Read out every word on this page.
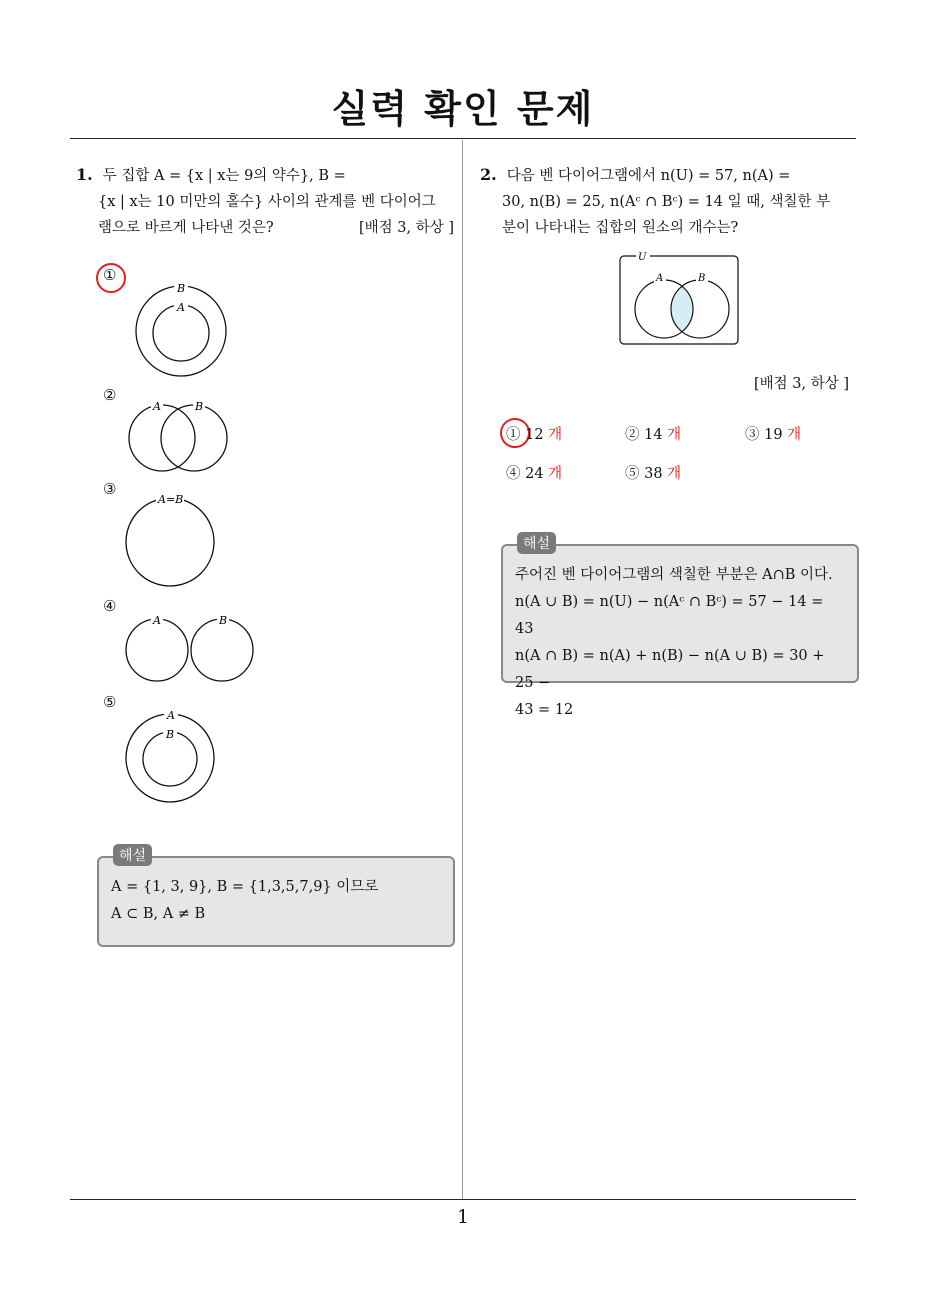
실력 확인 문제
1
1. 두 집합 A = {x | x는 9의 약수}, B =
{x | x는 10 미만의 홀수} 사이의 관계를 벤 다이어그
램으로 바르게 나타낸 것은?	[배점 3, 하상 ]
①
②
③
④
⑤
B
A
A	B
A=B
A	B
A
B
해설
A = {1, 3, 9}, B = {1,3,5,7,9} 이므로
A ⊂ B, A ≠ B
2. 다음 벤 다이어그램에서 n(U) = 57, n(A) =
30, n(B) = 25, n(Aᶜ ∩ Bᶜ) = 14 일 때, 색칠한 부
분이 나타내는 집합의 원소의 개수는?
U
A	B
[배점 3, 하상 ]
① 12 개	② 14 개	③ 19 개
④ 24 개	⑤ 38 개
해설
주어진 벤 다이어그램의 색칠한 부분은 A∩B 이다.
n(A ∪ B) = n(U) − n(Aᶜ ∩ Bᶜ) = 57 − 14 = 43
n(A ∩ B) = n(A) + n(B) − n(A ∪ B) = 30 + 25 −
43 = 12
